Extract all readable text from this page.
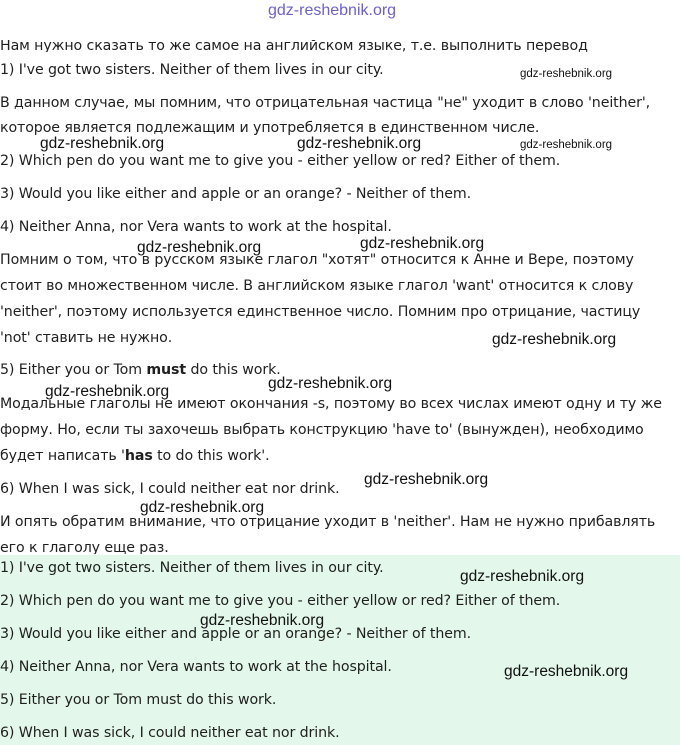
gdz-reshebnik.org
Нам нужно сказать то же самое на английском языке, т.е. выполнить перевод
1) I've got two sisters. Neither of them lives in our city.
В данном случае, мы помним, что отрицательная частица "не" уходит в слово 'neither',
которое является подлежащим и употребляется в единственном числе.
2) Which pen do you want me to give you - either yellow or red? Either of them.
3) Would you like either and apple or an orange? - Neither of them.
4) Neither Anna, nor Vera wants to work at the hospital.
Помним о том, что в русском языке глагол "хотят" относится к Анне и Вере, поэтому
стоит во множественном числе. В английском языке глагол 'want' относится к слову
'neither', поэтому используется единственное число. Помним про отрицание, частицу
'not' ставить не нужно.
5) Either you or Tom must do this work.
Модальные глаголы не имеют окончания -s, поэтому во всех числах имеют одну и ту же
форму. Но, если ты захочешь выбрать конструкцию 'have to' (вынужден), необходимо
будет написать 'has to do this work'.
6) When I was sick, I could neither eat nor drink.
И опять обратим внимание, что отрицание уходит в 'neither'. Нам не нужно прибавлять
его к глаголу еще раз.
1) I've got two sisters. Neither of them lives in our city.
2) Which pen do you want me to give you - either yellow or red? Either of them.
3) Would you like either and apple or an orange? - Neither of them.
4) Neither Anna, nor Vera wants to work at the hospital.
5) Either you or Tom must do this work.
6) When I was sick, I could neither eat nor drink.
gdz-reshebnik.org
gdz-reshebnik.org	gdz-reshebnik.org	gdz-reshebnik.org
gdz-reshebnik.org	gdz-reshebnik.org
gdz-reshebnik.org
gdz-reshebnik.org	gdz-reshebnik.org
gdz-reshebnik.org
gdz-reshebnik.org
gdz-reshebnik.org
gdz-reshebnik.org
gdz-reshebnik.org
